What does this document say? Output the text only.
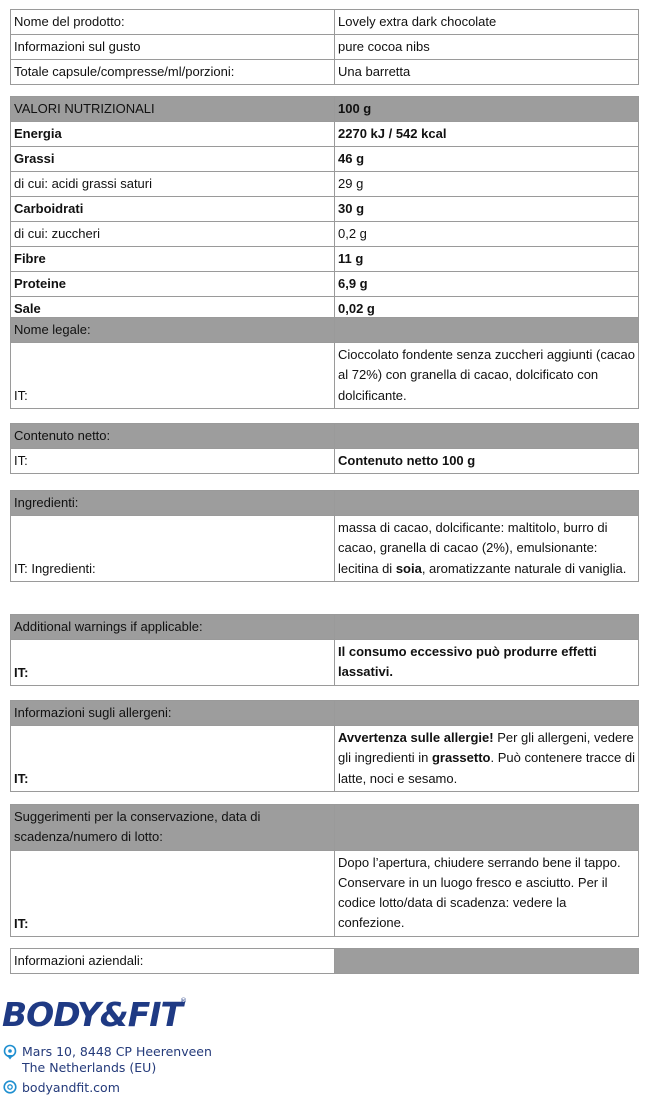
Nome del prodotto:	Lovely extra dark chocolate
Informazioni sul gusto	pure cocoa nibs
Totale capsule/compresse/ml/porzioni:	Una barretta
VALORI NUTRIZIONALI	100 g
Energia	2270 kJ / 542 kcal
Grassi	46 g
di cui: acidi grassi saturi	29 g
Carboidrati	30 g
di cui: zuccheri	0,2 g
Fibre	11 g
Proteine	6,9 g
Sale	0,02 g
Nome legale:	
IT:	Cioccolato fondente senza zuccheri aggiunti (cacao al 72%) con granella di cacao, dolcificato con dolcificante.
Contenuto netto:	
IT:	Contenuto netto 100 g
Ingredienti:	
IT: Ingredienti:	massa di cacao, dolcificante: maltitolo, burro di cacao, granella di cacao (2%), emulsionante: lecitina di soia, aromatizzante naturale di vaniglia.
Additional warnings if applicable:	
IT:	Il consumo eccessivo può produrre effetti lassativi.
Informazioni sugli allergeni:	
IT:	Avvertenza sulle allergie! Per gli allergeni, vedere gli ingredienti in grassetto. Può contenere tracce di latte, noci e sesamo.
Suggerimenti per la conservazione, data di scadenza/numero di lotto:	
IT:	Dopo l’apertura, chiudere serrando bene il tappo. Conservare in un luogo fresco e asciutto. Per il codice lotto/data di scadenza: vedere la confezione.
Informazioni aziendali:	
BODY&FIT
®
Mars 10, 8448 CP Heerenveen
The Netherlands (EU)
bodyandfit.com
